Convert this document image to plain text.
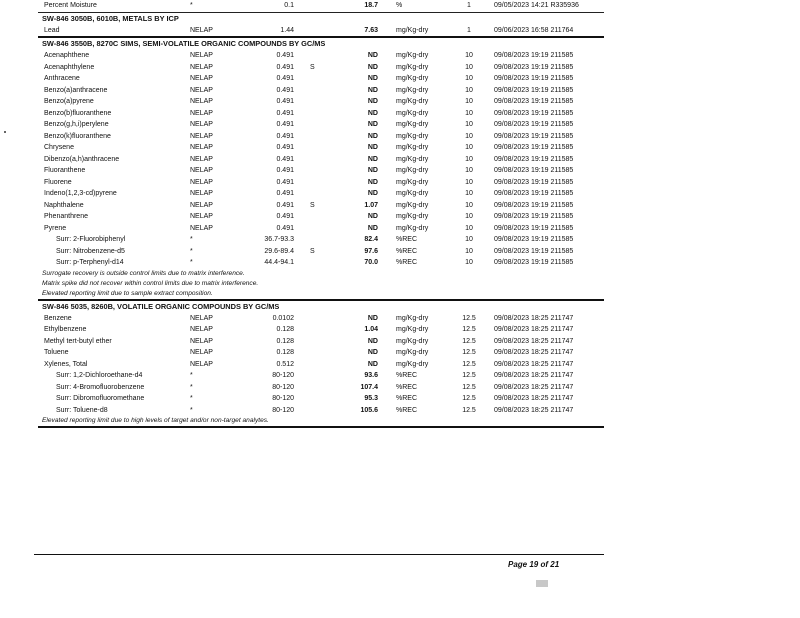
Percent Moisture	*	0.1	18.7	%	1	09/05/2023 14:21 R335936
SW-846 3050B, 6010B, METALS BY ICP
Lead	NELAP	1.44	7.63	mg/Kg-dry	1	09/06/2023 16:58 211764
SW-846 3550B, 8270C SIMS, SEMI-VOLATILE ORGANIC COMPOUNDS BY GC/MS
Acenaphthene	NELAP	0.491	ND	mg/Kg-dry	10	09/08/2023 19:19 211585
Acenaphthylene	NELAP	0.491 S	ND	mg/Kg-dry	10	09/08/2023 19:19 211585
Anthracene	NELAP	0.491	ND	mg/Kg-dry	10	09/08/2023 19:19 211585
Benzo(a)anthracene	NELAP	0.491	ND	mg/Kg-dry	10	09/08/2023 19:19 211585
Benzo(a)pyrene	NELAP	0.491	ND	mg/Kg-dry	10	09/08/2023 19:19 211585
Benzo(b)fluoranthene	NELAP	0.491	ND	mg/Kg-dry	10	09/08/2023 19:19 211585
Benzo(g,h,i)perylene	NELAP	0.491	ND	mg/Kg-dry	10	09/08/2023 19:19 211585
Benzo(k)fluoranthene	NELAP	0.491	ND	mg/Kg-dry	10	09/08/2023 19:19 211585
Chrysene	NELAP	0.491	ND	mg/Kg-dry	10	09/08/2023 19:19 211585
Dibenzo(a,h)anthracene	NELAP	0.491	ND	mg/Kg-dry	10	09/08/2023 19:19 211585
Fluoranthene	NELAP	0.491	ND	mg/Kg-dry	10	09/08/2023 19:19 211585
Fluorene	NELAP	0.491	ND	mg/Kg-dry	10	09/08/2023 19:19 211585
Indeno(1,2,3-cd)pyrene	NELAP	0.491	ND	mg/Kg-dry	10	09/08/2023 19:19 211585
Naphthalene	NELAP	0.491 S	1.07	mg/Kg-dry	10	09/08/2023 19:19 211585
Phenanthrene	NELAP	0.491	ND	mg/Kg-dry	10	09/08/2023 19:19 211585
Pyrene	NELAP	0.491	ND	mg/Kg-dry	10	09/08/2023 19:19 211585
Surr: 2-Fluorobiphenyl	*	36.7-93.3	82.4	%REC	10	09/08/2023 19:19 211585
Surr: Nitrobenzene-d5	*	29.6-89.4 S	97.6	%REC	10	09/08/2023 19:19 211585
Surr: p-Terphenyl-d14	*	44.4-94.1	70.0	%REC	10	09/08/2023 19:19 211585
Surrogate recovery is outside control limits due to matrix interference.
Matrix spike did not recover within control limits due to matrix interference.
Elevated reporting limit due to sample extract composition.
SW-846 5035, 8260B, VOLATILE ORGANIC COMPOUNDS BY GC/MS
Benzene	NELAP	0.0102	ND	mg/Kg-dry	12.5	09/08/2023 18:25 211747
Ethylbenzene	NELAP	0.128	1.04	mg/Kg-dry	12.5	09/08/2023 18:25 211747
Methyl tert-butyl ether	NELAP	0.128	ND	mg/Kg-dry	12.5	09/08/2023 18:25 211747
Toluene	NELAP	0.128	ND	mg/Kg-dry	12.5	09/08/2023 18:25 211747
Xylenes, Total	NELAP	0.512	ND	mg/Kg-dry	12.5	09/08/2023 18:25 211747
Surr: 1,2-Dichloroethane-d4	*	80-120	93.6	%REC	12.5	09/08/2023 18:25 211747
Surr: 4-Bromofluorobenzene	*	80-120	107.4	%REC	12.5	09/08/2023 18:25 211747
Surr: Dibromofluoromethane	*	80-120	95.3	%REC	12.5	09/08/2023 18:25 211747
Surr: Toluene-d8	*	80-120	105.6	%REC	12.5	09/08/2023 18:25 211747
Elevated reporting limit due to high levels of target and/or non-target analytes.
Page 19 of 21
